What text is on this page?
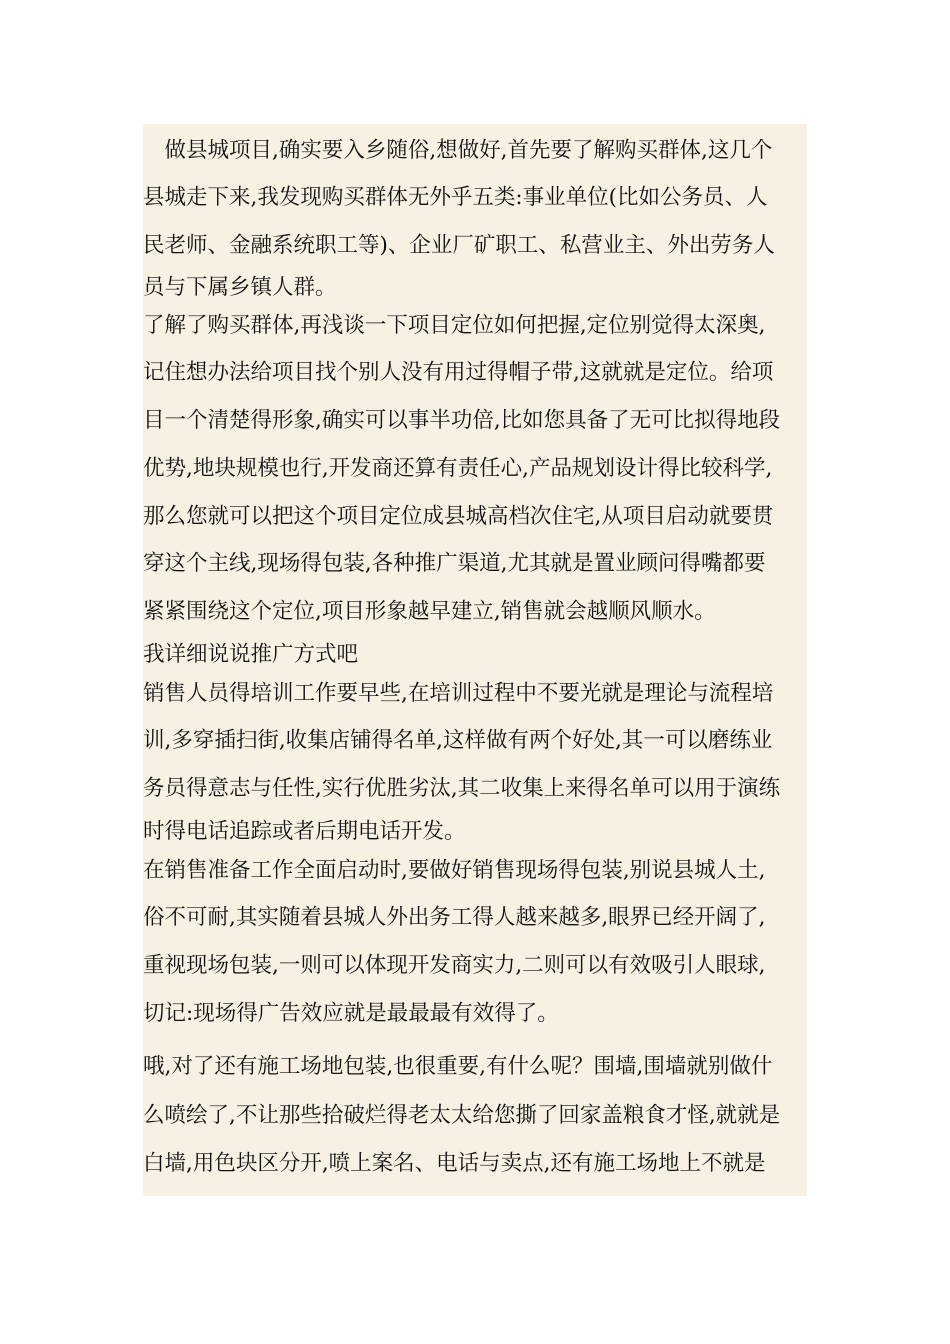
　做县城项目,确实要入乡随俗,想做好,首先要了解购买群体,这几个
县城走下来,我发现购买群体无外乎五类:事业单位(比如公务员、人
民老师、金融系统职工等)、企业厂矿职工、私营业主、外出劳务人
员与下属乡镇人群。
了解了购买群体,再浅谈一下项目定位如何把握,定位别觉得太深奥,
记住想办法给项目找个别人没有用过得帽子带,这就就是定位。给项
目一个清楚得形象,确实可以事半功倍,比如您具备了无可比拟得地段
优势,地块规模也行,开发商还算有责任心,产品规划设计得比较科学,
那么您就可以把这个项目定位成县城高档次住宅,从项目启动就要贯
穿这个主线,现场得包装,各种推广渠道,尤其就是置业顾问得嘴都要
紧紧围绕这个定位,项目形象越早建立,销售就会越顺风顺水。
我详细说说推广方式吧
销售人员得培训工作要早些,在培训过程中不要光就是理论与流程培
训,多穿插扫街,收集店铺得名单,这样做有两个好处,其一可以磨练业
务员得意志与任性,实行优胜劣汰,其二收集上来得名单可以用于演练
时得电话追踪或者后期电话开发。
在销售准备工作全面启动时,要做好销售现场得包装,别说县城人土,
俗不可耐,其实随着县城人外出务工得人越来越多,眼界已经开阔了,
重视现场包装,一则可以体现开发商实力,二则可以有效吸引人眼球,
切记:现场得广告效应就是最最最有效得了。
哦,对了还有施工场地包装,也很重要,有什么呢？围墙,围墙就别做什
么喷绘了,不让那些拾破烂得老太太给您撕了回家盖粮食才怪,就就是
白墙,用色块区分开,喷上案名、电话与卖点,还有施工场地上不就是
